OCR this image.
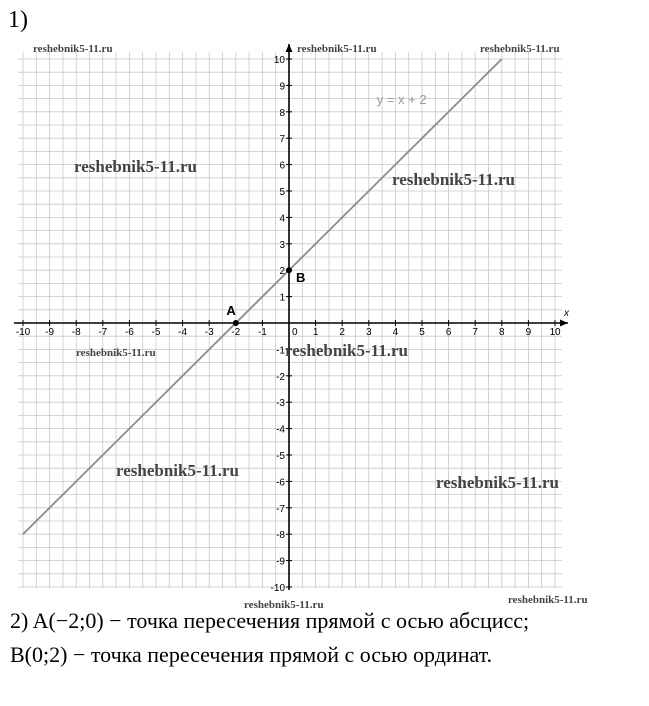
1)
x
-10 -9 -8 -7 -6 -5 -4 -3 -2 -1	0 1 2 3 4 5 6 7 8 9 10
-10
-9
-8
-7
-6
-5
-4
-3
-2
-1
1
2
3
4
5
6
7
8
9
10
y = x + 2
A
B
reshebnik5-11.ru	reshebnik5-11.ru	reshebnik5-11.ru
reshebnik5-11.ru
reshebnik5-11.ru
reshebnik5-11.ru	reshebnik5-11.ru
reshebnik5-11.ru
reshebnik5-11.ru
reshebnik5-11.ru	reshebnik5-11.ru
2) A(−2;0) − точка пересечения прямой с осью абсцисс;
B(0;2) − точка пересечения прямой с осью ординат.
